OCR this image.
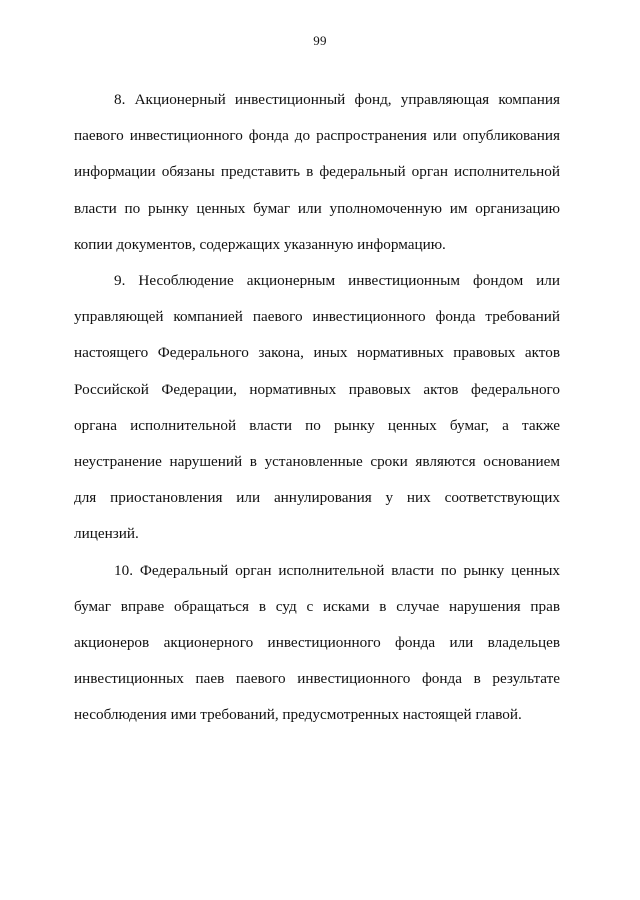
99

8. Акционерный инвестиционный фонд, управляющая компания паевого инвестиционного фонда до распространения или опубликования информации обязаны представить в федеральный орган исполнительной власти по рынку ценных бумаг или уполномоченную им организацию копии документов, содержащих указанную информацию.

9. Несоблюдение акционерным инвестиционным фондом или управляющей компанией паевого инвестиционного фонда требований настоящего Федерального закона, иных нормативных правовых актов Российской Федерации, нормативных правовых актов федерального органа исполнительной власти по рынку ценных бумаг, а также неустранение нарушений в установленные сроки являются основанием для приостановления или аннулирования у них соответствующих лицензий.

10. Федеральный орган исполнительной власти по рынку ценных бумаг вправе обращаться в суд с исками в случае нарушения прав акционеров акционерного инвестиционного фонда или владельцев инвестиционных паев паевого инвестиционного фонда в результате несоблюдения ими требований, предусмотренных настоящей главой.
